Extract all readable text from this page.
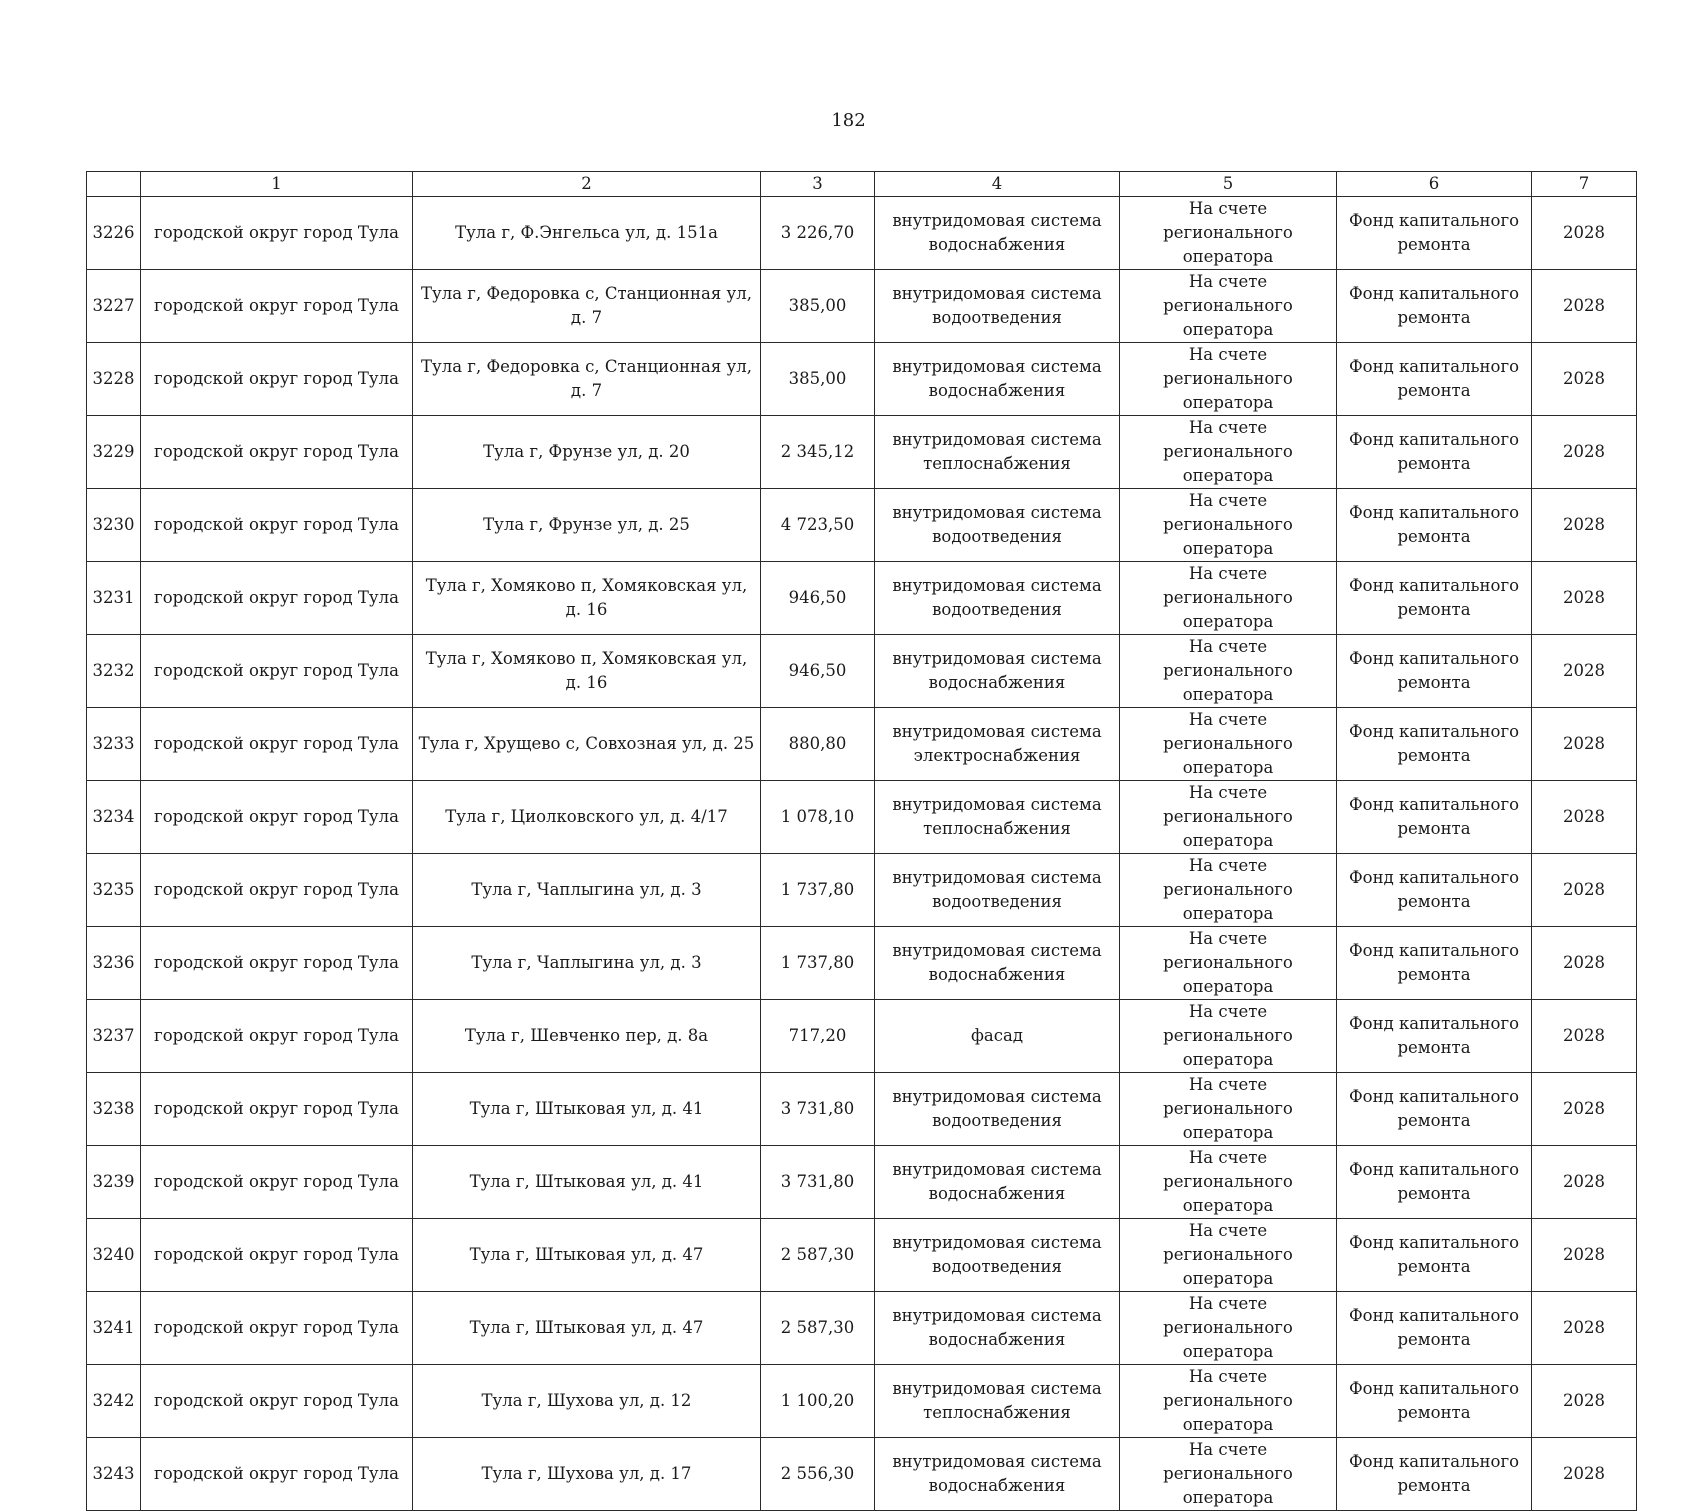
182
	1	2	3	4	5	6	7
3226	городской округ город Тула	Тула г, Ф.Энгельса ул, д. 151а	3 226,70	внутридомовая система водоснабжения	На счете регионального оператора	Фонд капитального ремонта	2028
3227	городской округ город Тула	Тула г, Федоровка с, Станционная ул, д. 7	385,00	внутридомовая система водоотведения	На счете регионального оператора	Фонд капитального ремонта	2028
3228	городской округ город Тула	Тула г, Федоровка с, Станционная ул, д. 7	385,00	внутридомовая система водоснабжения	На счете регионального оператора	Фонд капитального ремонта	2028
3229	городской округ город Тула	Тула г, Фрунзе ул, д. 20	2 345,12	внутридомовая система теплоснабжения	На счете регионального оператора	Фонд капитального ремонта	2028
3230	городской округ город Тула	Тула г, Фрунзе ул, д. 25	4 723,50	внутридомовая система водоотведения	На счете регионального оператора	Фонд капитального ремонта	2028
3231	городской округ город Тула	Тула г, Хомяково п, Хомяковская ул, д. 16	946,50	внутридомовая система водоотведения	На счете регионального оператора	Фонд капитального ремонта	2028
3232	городской округ город Тула	Тула г, Хомяково п, Хомяковская ул, д. 16	946,50	внутридомовая система водоснабжения	На счете регионального оператора	Фонд капитального ремонта	2028
3233	городской округ город Тула	Тула г, Хрущево с, Совхозная ул, д. 25	880,80	внутридомовая система электроснабжения	На счете регионального оператора	Фонд капитального ремонта	2028
3234	городской округ город Тула	Тула г, Циолковского ул, д. 4/17	1 078,10	внутридомовая система теплоснабжения	На счете регионального оператора	Фонд капитального ремонта	2028
3235	городской округ город Тула	Тула г, Чаплыгина ул, д. 3	1 737,80	внутридомовая система водоотведения	На счете регионального оператора	Фонд капитального ремонта	2028
3236	городской округ город Тула	Тула г, Чаплыгина ул, д. 3	1 737,80	внутридомовая система водоснабжения	На счете регионального оператора	Фонд капитального ремонта	2028
3237	городской округ город Тула	Тула г, Шевченко пер, д. 8а	717,20	фасад	На счете регионального оператора	Фонд капитального ремонта	2028
3238	городской округ город Тула	Тула г, Штыковая ул, д. 41	3 731,80	внутридомовая система водоотведения	На счете регионального оператора	Фонд капитального ремонта	2028
3239	городской округ город Тула	Тула г, Штыковая ул, д. 41	3 731,80	внутридомовая система водоснабжения	На счете регионального оператора	Фонд капитального ремонта	2028
3240	городской округ город Тула	Тула г, Штыковая ул, д. 47	2 587,30	внутридомовая система водоотведения	На счете регионального оператора	Фонд капитального ремонта	2028
3241	городской округ город Тула	Тула г, Штыковая ул, д. 47	2 587,30	внутридомовая система водоснабжения	На счете регионального оператора	Фонд капитального ремонта	2028
3242	городской округ город Тула	Тула г, Шухова ул, д. 12	1 100,20	внутридомовая система теплоснабжения	На счете регионального оператора	Фонд капитального ремонта	2028
3243	городской округ город Тула	Тула г, Шухова ул, д. 17	2 556,30	внутридомовая система водоснабжения	На счете регионального оператора	Фонд капитального ремонта	2028
